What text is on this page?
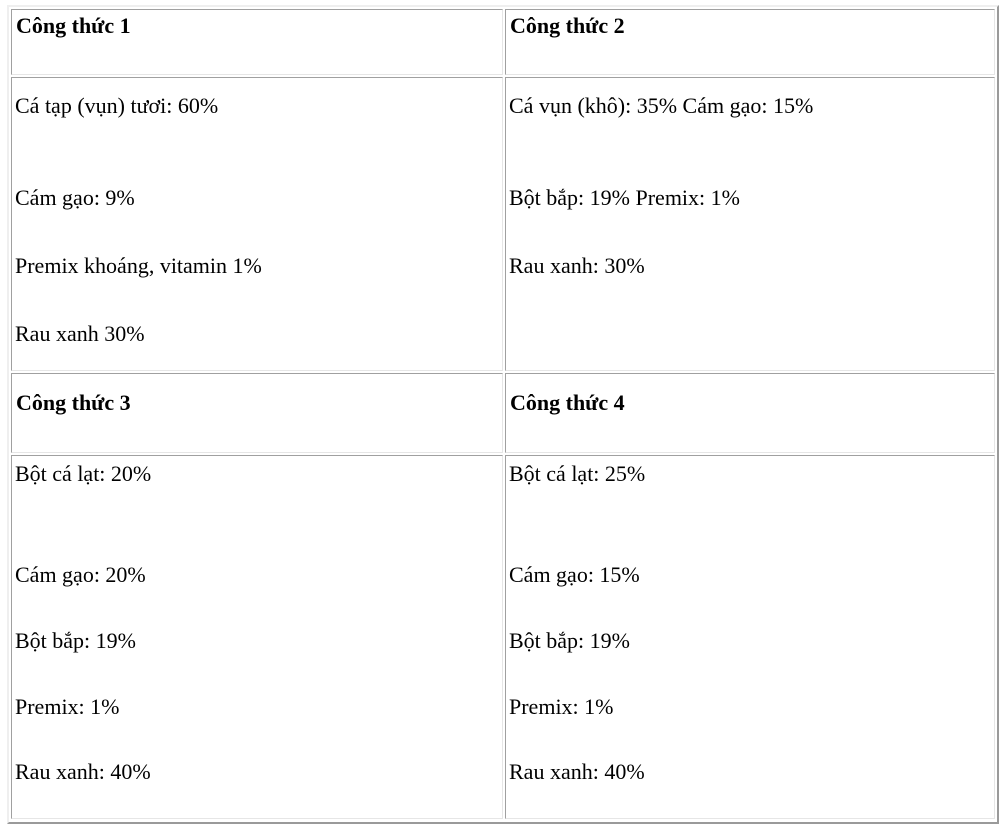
Công thức 1	Công thức 2
Cá tạp (vụn) tươi: 60%
Cám gạo: 9%
Premix khoáng, vitamin 1%
Rau xanh 30%
Cá vụn (khô): 35% Cám gạo: 15%
Bột bắp: 19% Premix: 1%
Rau xanh: 30%
Công thức 3	Công thức 4
Bột cá lạt: 20%
Cám gạo: 20%
Bột bắp: 19%
Premix: 1%
Rau xanh: 40%
Bột cá lạt: 25%
Cám gạo: 15%
Bột bắp: 19%
Premix: 1%
Rau xanh: 40%
